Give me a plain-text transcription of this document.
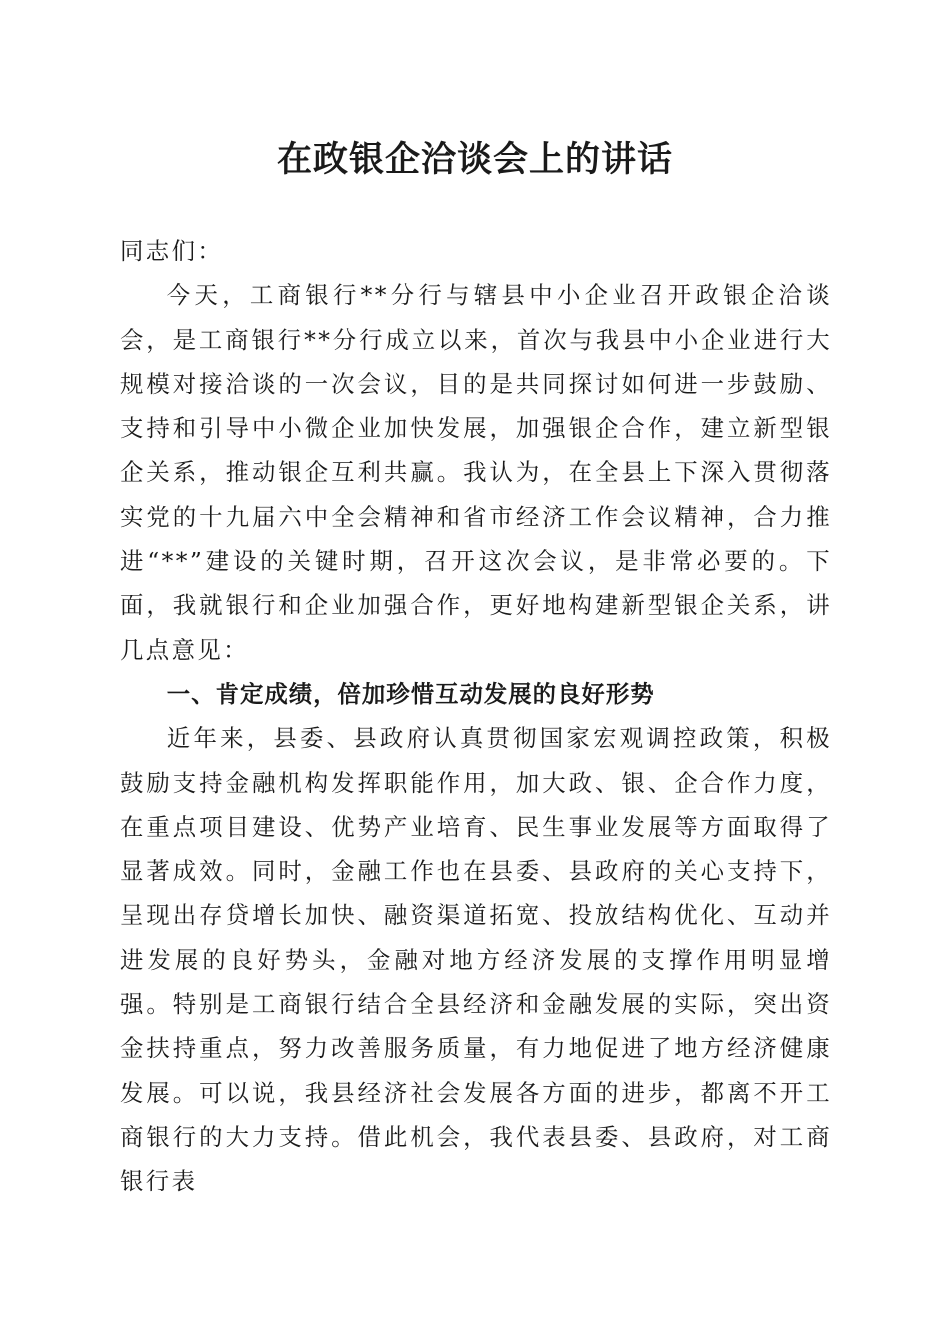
在政银企洽谈会上的讲话

同志们：

今天，工商银行**分行与辖县中小企业召开政银企洽谈会，是工商银行**分行成立以来，首次与我县中小企业进行大规模对接洽谈的一次会议，目的是共同探讨如何进一步鼓励、支持和引导中小微企业加快发展，加强银企合作，建立新型银企关系，推动银企互利共赢。我认为，在全县上下深入贯彻落实党的十九届六中全会精神和省市经济工作会议精神，合力推进“**”建设的关键时期，召开这次会议，是非常必要的。下面，我就银行和企业加强合作，更好地构建新型银企关系，讲几点意见：

一、肯定成绩，倍加珍惜互动发展的良好形势

近年来，县委、县政府认真贯彻国家宏观调控政策，积极鼓励支持金融机构发挥职能作用，加大政、银、企合作力度，在重点项目建设、优势产业培育、民生事业发展等方面取得了显著成效。同时，金融工作也在县委、县政府的关心支持下，呈现出存贷增长加快、融资渠道拓宽、投放结构优化、互动并进发展的良好势头，金融对地方经济发展的支撑作用明显增强。特别是工商银行结合全县经济和金融发展的实际，突出资金扶持重点，努力改善服务质量，有力地促进了地方经济健康发展。可以说，我县经济社会发展各方面的进步，都离不开工商银行的大力支持。借此机会，我代表县委、县政府，对工商银行表
